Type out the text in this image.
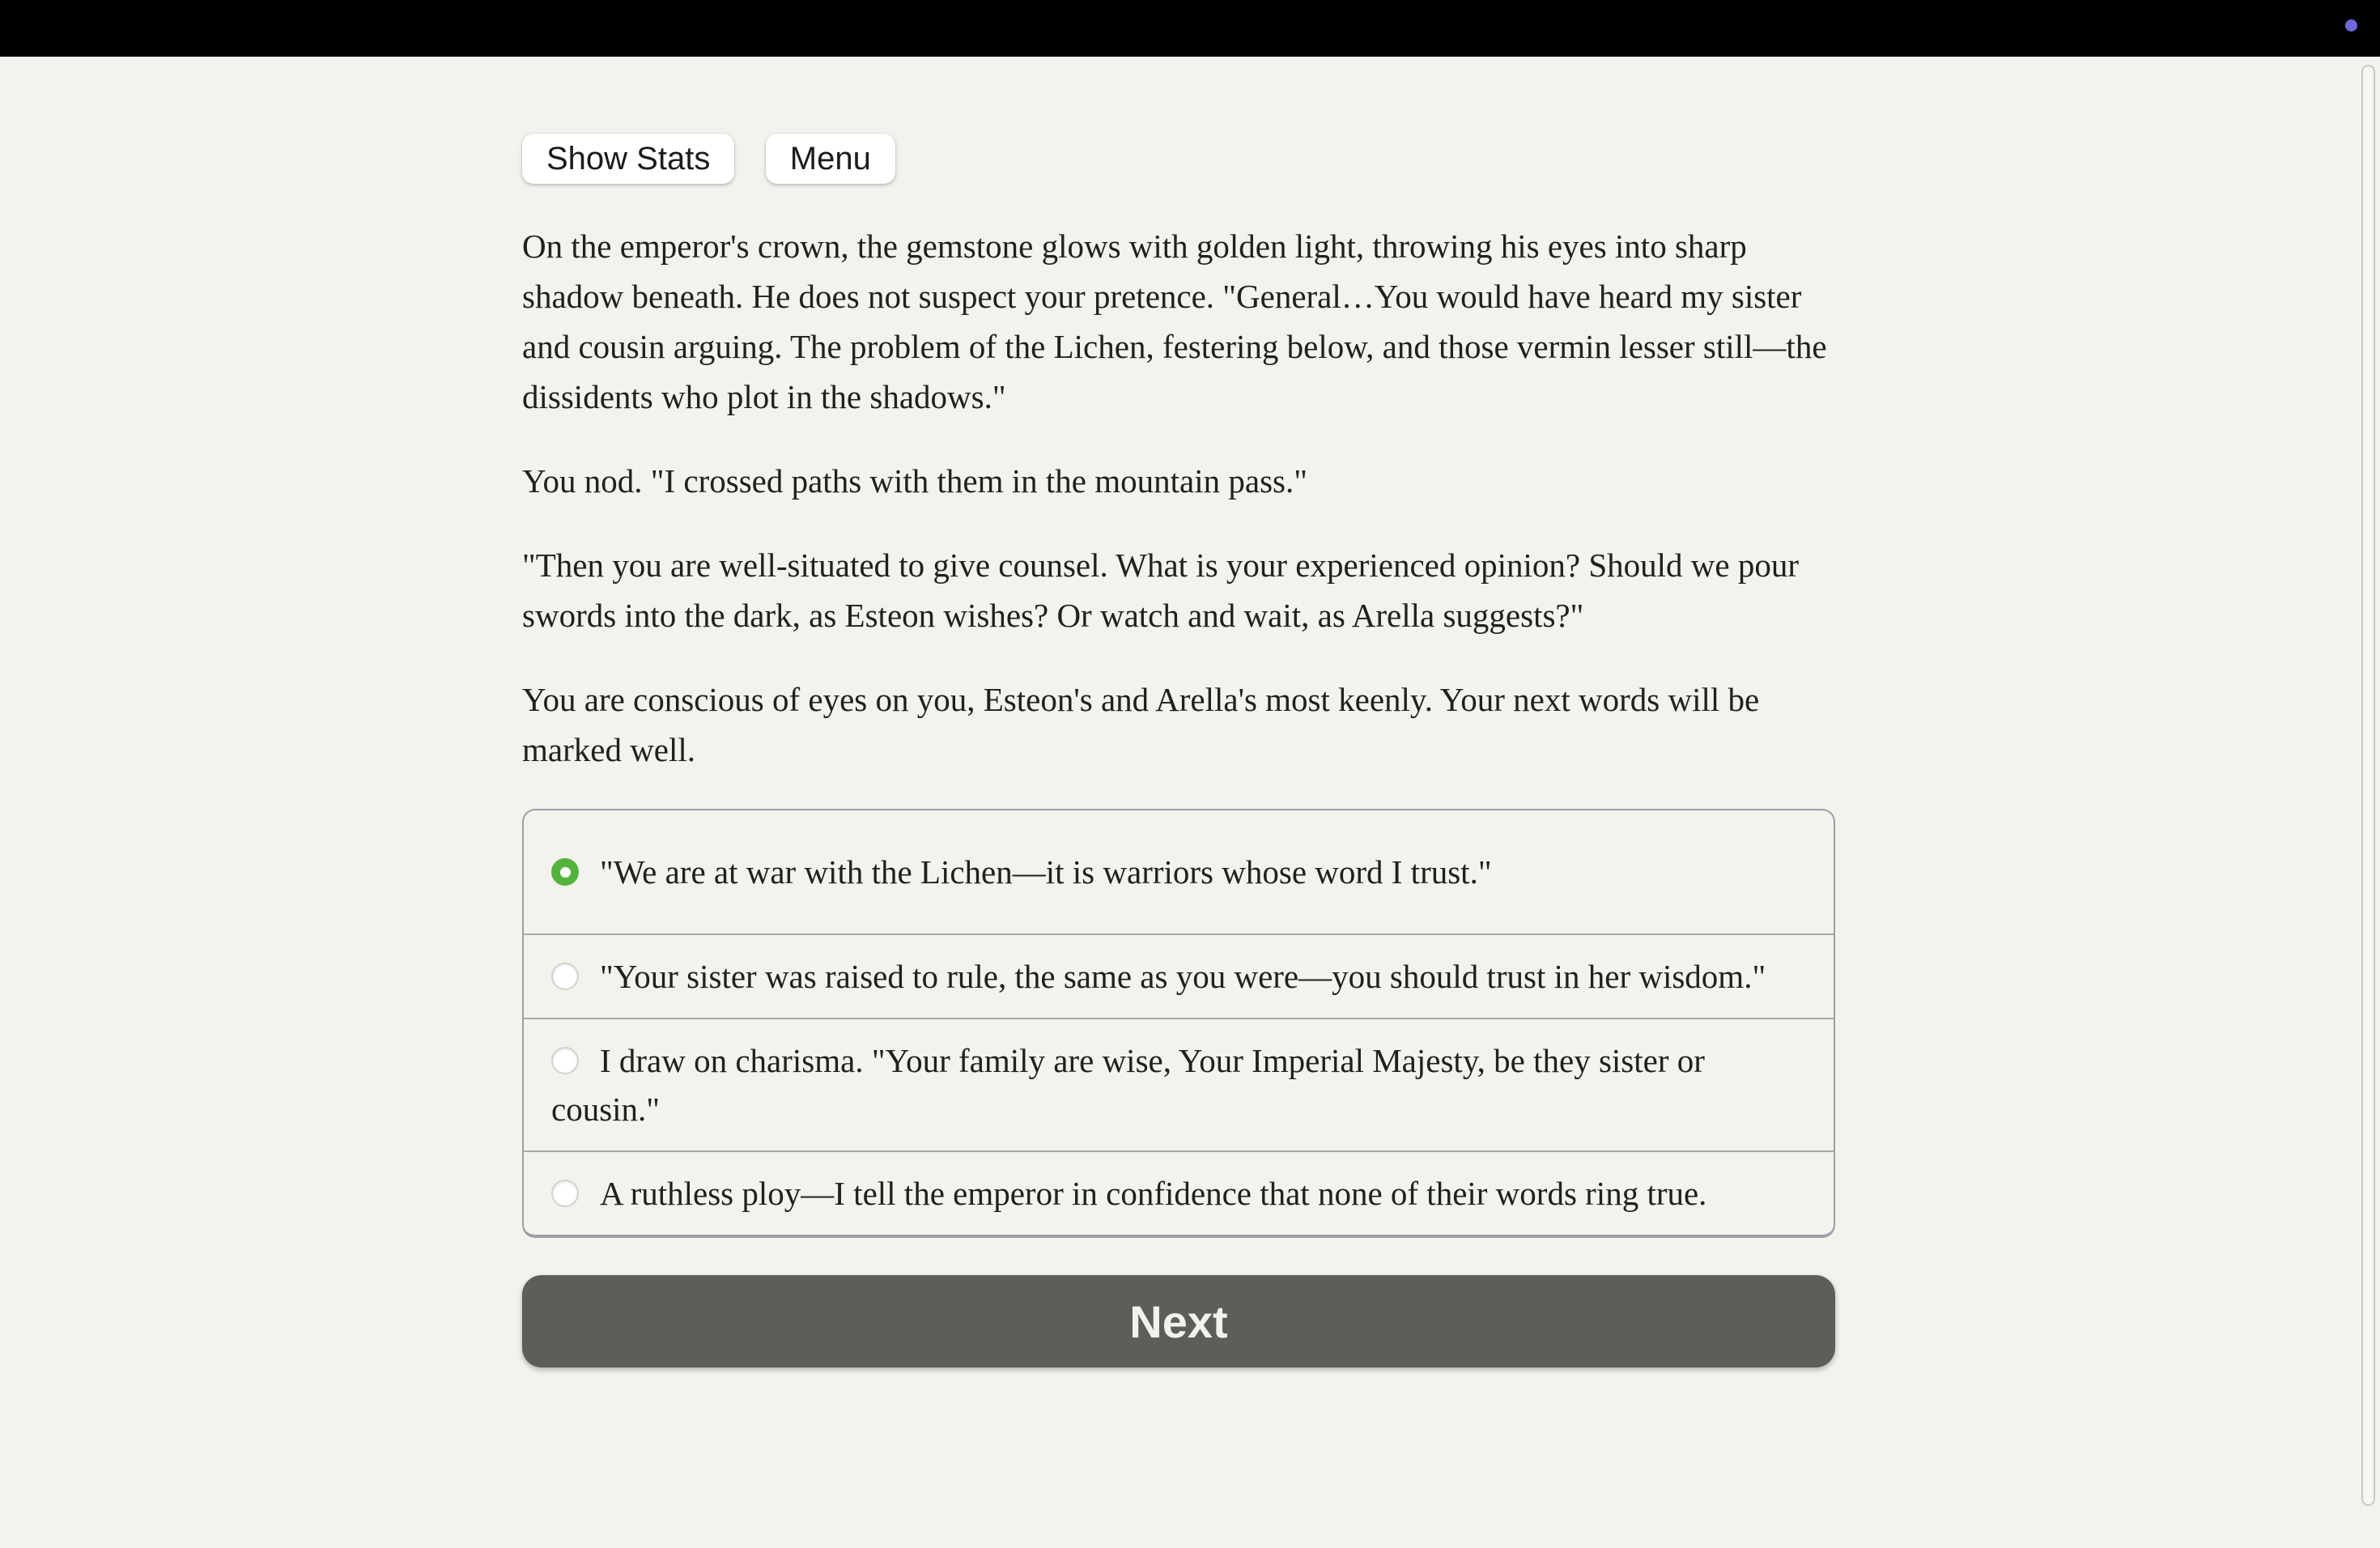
Show Stats Menu

On the emperor's crown, the gemstone glows with golden light, throwing his eyes into sharp shadow beneath. He does not suspect your pretence. "General…You would have heard my sister and cousin arguing. The problem of the Lichen, festering below, and those vermin lesser still—the dissidents who plot in the shadows."

You nod. "I crossed paths with them in the mountain pass."

"Then you are well-situated to give counsel. What is your experienced opinion? Should we pour swords into the dark, as Esteon wishes? Or watch and wait, as Arella suggests?"

You are conscious of eyes on you, Esteon's and Arella's most keenly. Your next words will be marked well.

"We are at war with the Lichen—it is warriors whose word I trust."
"Your sister was raised to rule, the same as you were—you should trust in her wisdom."
I draw on charisma. "Your family are wise, Your Imperial Majesty, be they sister or cousin."
A ruthless ploy—I tell the emperor in confidence that none of their words ring true.
Next
